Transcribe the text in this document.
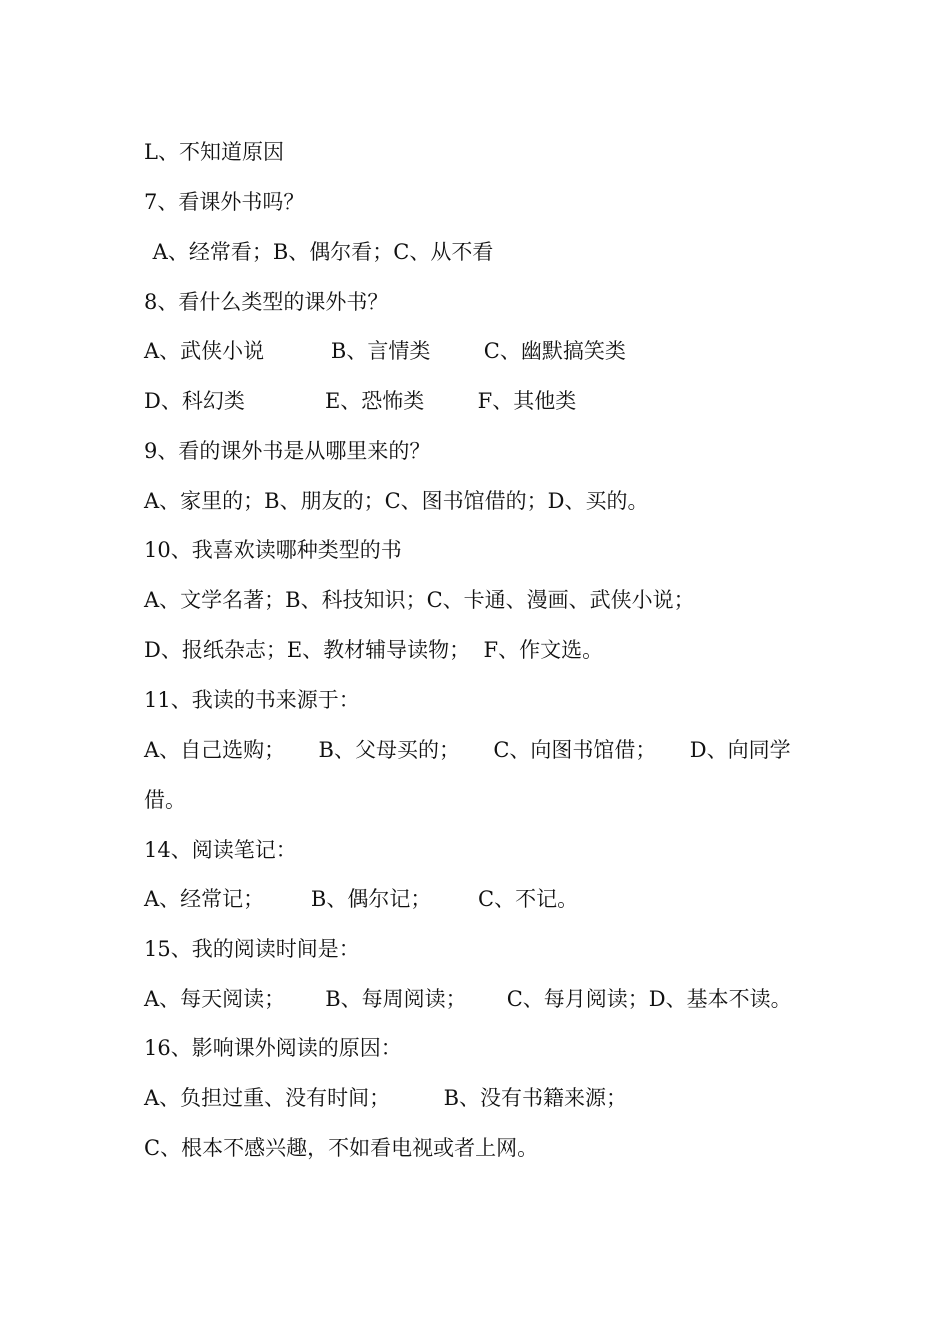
L、不知道原因
7、看课外书吗？
A、经常看；B、偶尔看；C、从不看
8、看什么类型的课外书？
A、武侠小说          B、言情类        C、幽默搞笑类
D、科幻类            E、恐怖类        F、其他类
9、看的课外书是从哪里来的？
A、家里的；B、朋友的；C、图书馆借的；D、买的。
10、我喜欢读哪种类型的书
A、文学名著；B、科技知识；C、卡通、漫画、武侠小说；
D、报纸杂志；E、教材辅导读物；  F、作文选。
11、我读的书来源于：
A、自己选购；     B、父母买的；     C、向图书馆借；     D、向同学
借。
14、阅读笔记：
A、经常记；       B、偶尔记；       C、不记。
15、我的阅读时间是：
A、每天阅读；      B、每周阅读；      C、每月阅读；D、基本不读。
16、影响课外阅读的原因：
A、负担过重、没有时间；        B、没有书籍来源；
C、根本不感兴趣，不如看电视或者上网。
